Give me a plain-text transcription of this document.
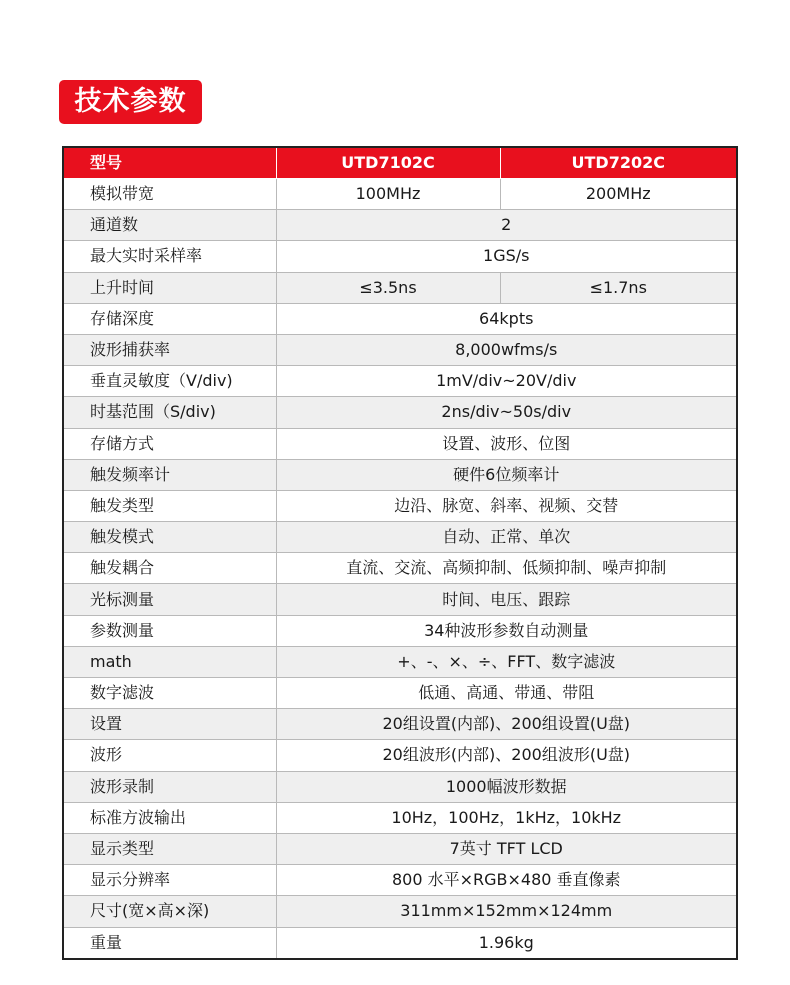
技术参数
型号	UTD7102C	UTD7202C
模拟带宽	100MHz	200MHz
通道数	2	
最大实时采样率	1GS/s	
上升时间	≤3.5ns	≤1.7ns
存储深度	64kpts	
波形捕获率	8,000wfms/s	
垂直灵敏度（V/div)	1mV/div~20V/div	
时基范围（S/div)	2ns/div~50s/div	
存储方式	设置、波形、位图	
触发频率计	硬件6位频率计	
触发类型	边沿、脉宽、斜率、视频、交替	
触发模式	自动、正常、单次	
触发耦合	直流、交流、高频抑制、低频抑制、噪声抑制	
光标测量	时间、电压、跟踪	
参数测量	34种波形参数自动测量	
math	+、-、×、÷、FFT、数字滤波	
数字滤波	低通、高通、带通、带阻	
设置	20组设置(内部)、200组设置(U盘)	
波形	20组波形(内部)、200组波形(U盘)	
波形录制	1000幅波形数据	
标准方波输出	10Hz，100Hz，1kHz，10kHz	
显示类型	7英寸 TFT LCD	
显示分辨率	800 水平×RGB×480 垂直像素	
尺寸(宽×高×深)	311mm×152mm×124mm	
重量	1.96kg	
